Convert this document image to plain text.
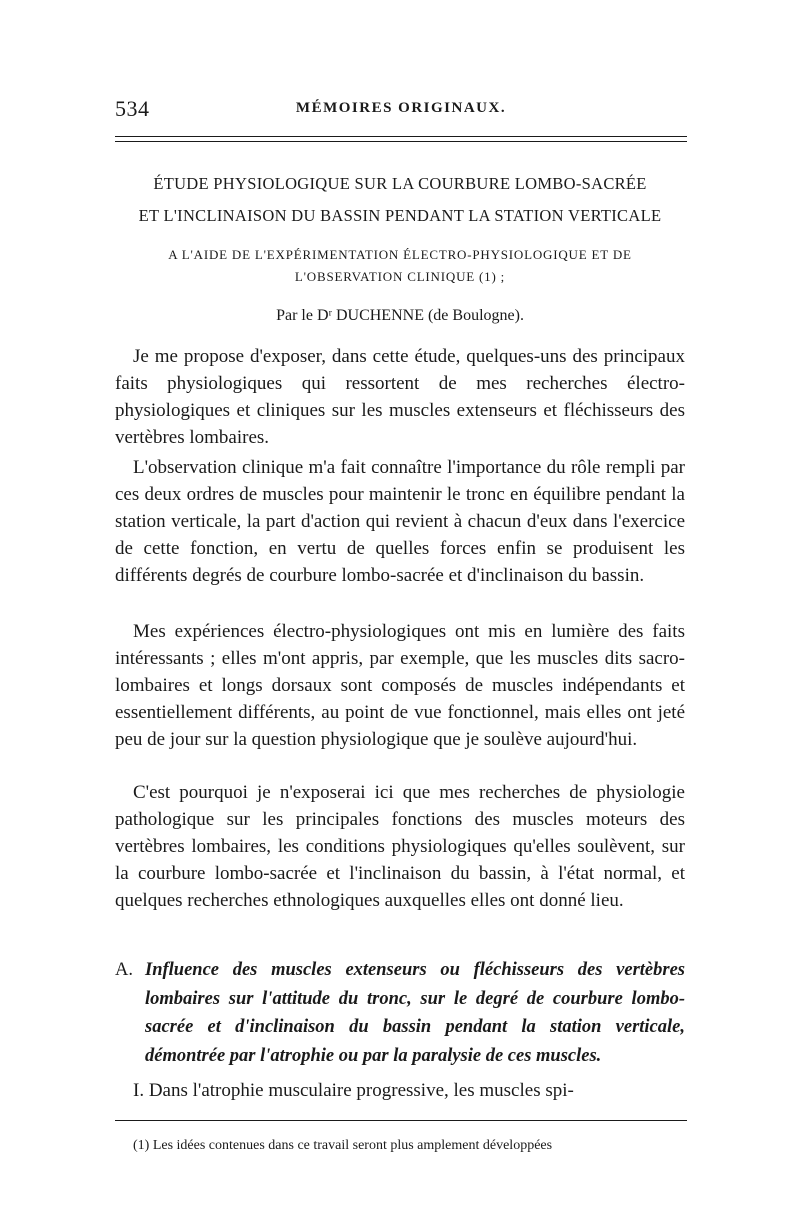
534	MÉMOIRES ORIGINAUX.
ÉTUDE PHYSIOLOGIQUE SUR LA COURBURE LOMBO-SACRÉE
ET L'INCLINAISON DU BASSIN PENDANT LA STATION VERTICALE
A L'AIDE DE L'EXPÉRIMENTATION ÉLECTRO-PHYSIOLOGIQUE ET DE
L'OBSERVATION CLINIQUE (1) ;
Par le Dʳ DUCHENNE (de Boulogne).

Je me propose d'exposer, dans cette étude, quelques-uns des principaux faits physiologiques qui ressortent de mes recherches électro-physiologiques et cliniques sur les muscles extenseurs et fléchisseurs des vertèbres lombaires.

L'observation clinique m'a fait connaître l'importance du rôle rempli par ces deux ordres de muscles pour maintenir le tronc en équilibre pendant la station verticale, la part d'action qui revient à chacun d'eux dans l'exercice de cette fonction, en vertu de quelles forces enfin se produisent les différents degrés de courbure lombo-sacrée et d'inclinaison du bassin.

Mes expériences électro-physiologiques ont mis en lumière des faits intéressants ; elles m'ont appris, par exemple, que les muscles dits sacro-lombaires et longs dorsaux sont composés de muscles indépendants et essentiellement différents, au point de vue fonctionnel, mais elles ont jeté peu de jour sur la question physiologique que je soulève aujourd'hui.

C'est pourquoi je n'exposerai ici que mes recherches de physiologie pathologique sur les principales fonctions des muscles moteurs des vertèbres lombaires, les conditions physiologiques qu'elles soulèvent, sur la courbure lombo-sacrée et l'inclinaison du bassin, à l'état normal, et quelques recherches ethnologiques auxquelles elles ont donné lieu.

A. Influence des muscles extenseurs ou fléchisseurs des vertèbres lombaires sur l'attitude du tronc, sur le degré de courbure lombo-sacrée et d'inclinaison du bassin pendant la station verticale, démontrée par l'atrophie ou par la paralysie de ces muscles.
I. Dans l'atrophie musculaire progressive, les muscles spi-
(1) Les idées contenues dans ce travail seront plus amplement développées
